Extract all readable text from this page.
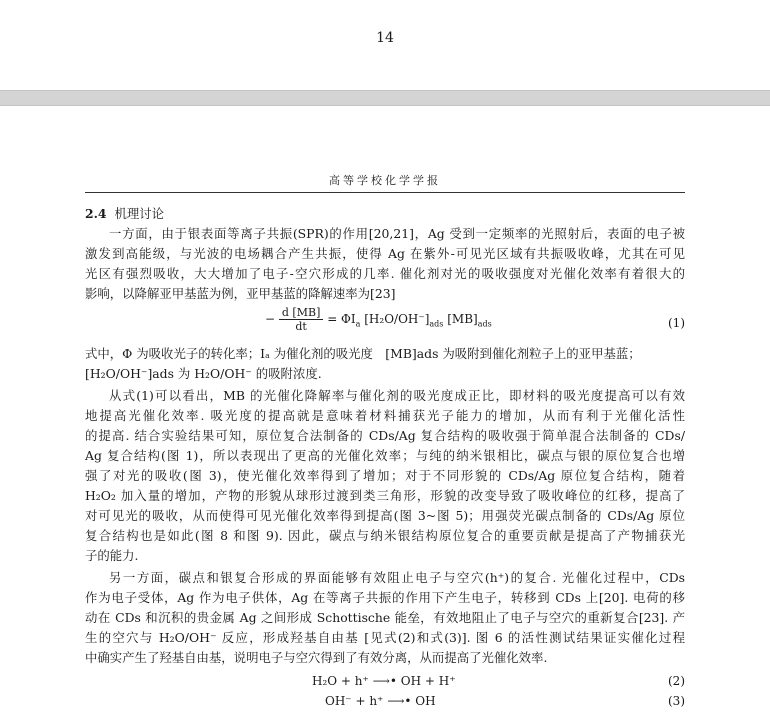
14
高等学校化学学报
2.4 机理讨论
一方面，由于银表面等离子共振(SPR)的作用[20,21]，Ag 受到一定频率的光照射后，表面的电子被
激发到高能级，与光波的电场耦合产生共振，使得 Ag 在紫外-可见光区域有共振吸收峰，尤其在可见
光区有强烈吸收，大大增加了电子-空穴形成的几率. 催化剂对光的吸收强度对光催化效率有着很大的
影响，以降解亚甲基蓝为例，亚甲基蓝的降解速率为[23]
− $\frac{d [MB]}{dt} = \Phi I_a$ $[H_2O/OH^-]_{ads}$ $[MB]_{ads}$	(1)
式中，Φ 为吸收光子的转化率；Iₐ 为催化剂的吸光度　[MB]ads 为吸附到催化剂粒子上的亚甲基蓝；
[H₂O/OH⁻]ads 为 H₂O/OH⁻ 的吸附浓度.
从式(1)可以看出，MB 的光催化降解率与催化剂的吸光度成正比，即材料的吸光度提高可以有效
地提高光催化效率. 吸光度的提高就是意味着材料捕获光子能力的增加，从而有利于光催化活性
的提高. 结合实验结果可知，原位复合法制备的 CDs/Ag 复合结构的吸收强于简单混合法制备的 CDs/
Ag 复合结构(图 1)，所以表现出了更高的光催化效率；与纯的纳米银相比，碳点与银的原位复合也增
强了对光的吸收(图 3)，使光催化效率得到了增加；对于不同形貌的 CDs/Ag 原位复合结构，随着
H₂O₂ 加入量的增加，产物的形貌从球形过渡到类三角形，形貌的改变导致了吸收峰位的红移，提高了
对可见光的吸收，从而使得可见光催化效率得到提高(图 3~图 5)；用强荧光碳点制备的 CDs/Ag 原位
复合结构也是如此(图 8 和图 9). 因此，碳点与纳米银结构原位复合的重要贡献是提高了产物捕获光
子的能力.
另一方面，碳点和银复合形成的界面能够有效阻止电子与空穴(h⁺)的复合. 光催化过程中，CDs
作为电子受体，Ag 作为电子供体，Ag 在等离子共振的作用下产生电子，转移到 CDs 上[20]. 电荷的移
动在 CDs 和沉积的贵金属 Ag 之间形成 Schottische 能垒，有效地阻止了电子与空穴的重新复合[23]. 产
生的空穴与 H₂O/OH⁻ 反应，形成羟基自由基 [见式(2)和式(3)]. 图 6 的活性测试结果证实催化过程
中确实产生了羟基自由基，说明电子与空穴得到了有效分离，从而提高了光催化效率.
H₂O + h⁺ ⟶• OH + H⁺	(2)
OH⁻ + h⁺ ⟶• OH	(3)
